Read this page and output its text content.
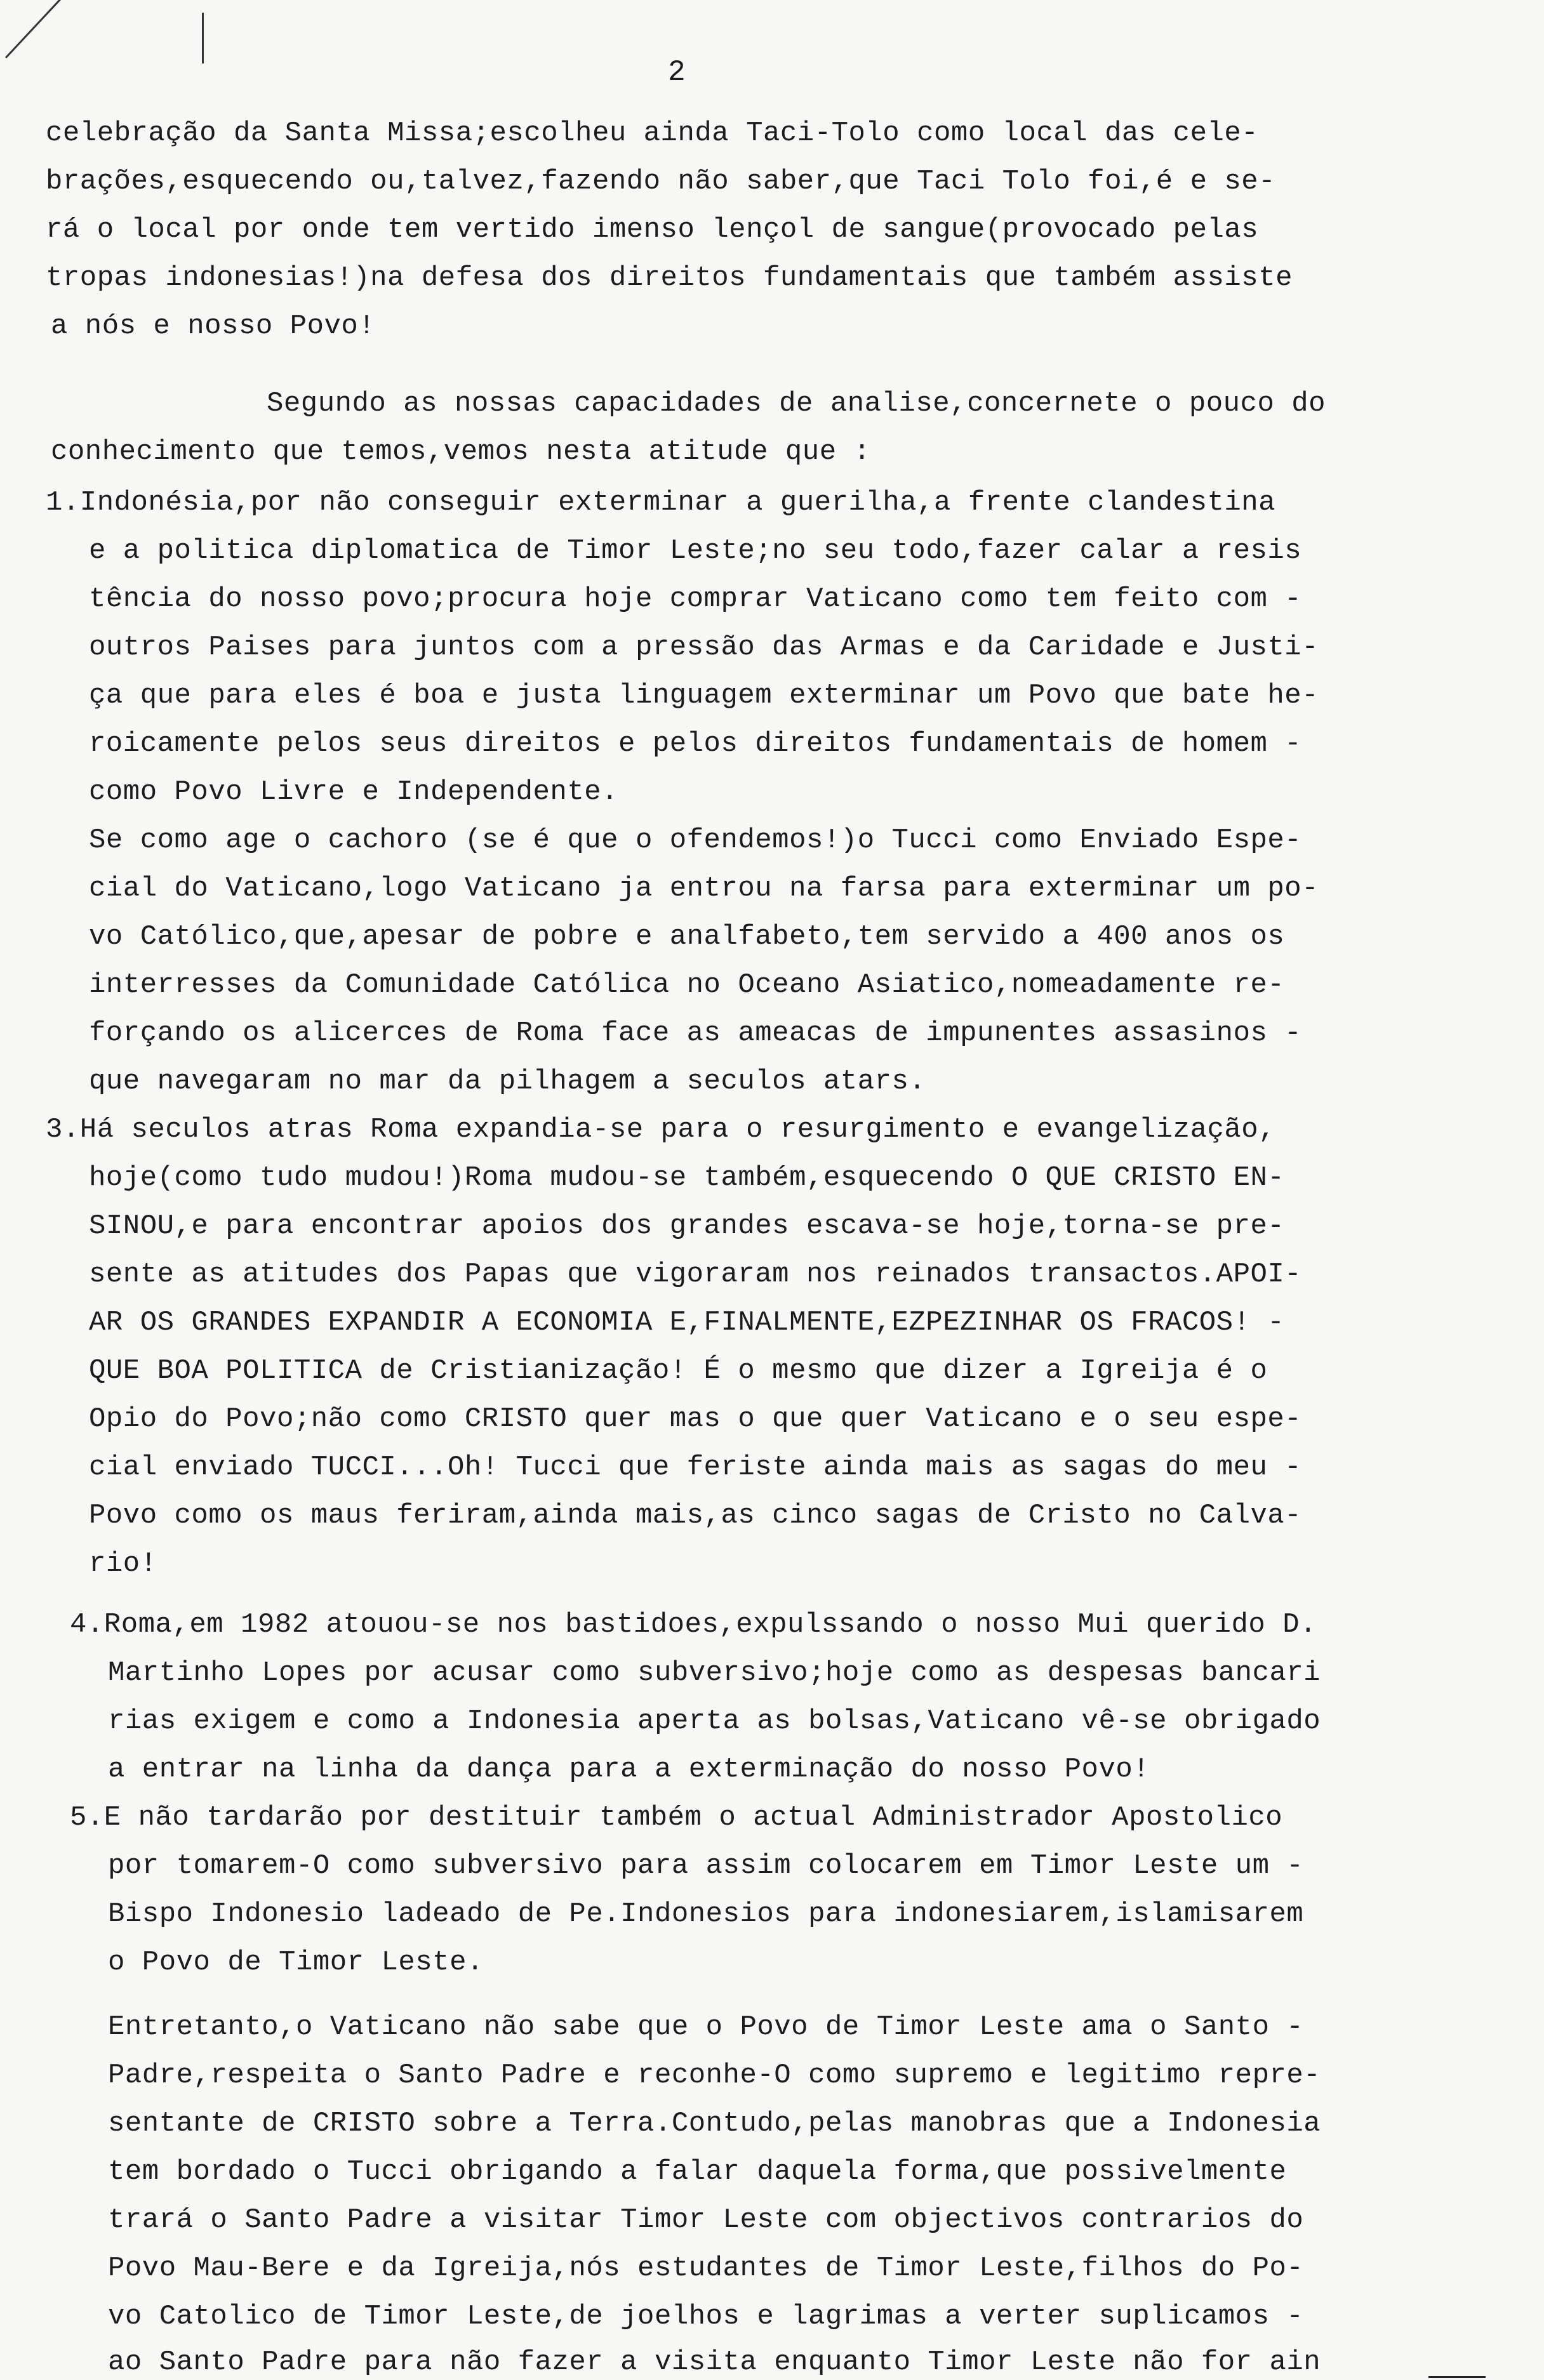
2
celebração da Santa Missa;escolheu ainda Taci-Tolo como local das cele-
brações,esquecendo ou,talvez,fazendo não saber,que Taci Tolo foi,é e se-
rá o local por onde tem vertido imenso lençol de sangue(provocado pelas
tropas indonesias!)na defesa dos direitos fundamentais que também assiste
a nós e nosso Povo!
Segundo as nossas capacidades de analise,concernete o pouco do
conhecimento que temos,vemos nesta atitude que :
1.Indonésia,por não conseguir exterminar a guerilha,a frente clandestina
e a politica diplomatica de Timor Leste;no seu todo,fazer calar a resis
tência do nosso povo;procura hoje comprar Vaticano como tem feito com -
outros Paises para juntos com a pressão das Armas e da Caridade e Justi-
ça que para eles é boa e justa linguagem exterminar um Povo que bate he-
roicamente pelos seus direitos e pelos direitos fundamentais de homem -
como Povo Livre e Independente.
Se como age o cachoro (se é que o ofendemos!)o Tucci como Enviado Espe-
cial do Vaticano,logo Vaticano ja entrou na farsa para exterminar um po-
vo Católico,que,apesar de pobre e analfabeto,tem servido a 400 anos os
interresses da Comunidade Católica no Oceano Asiatico,nomeadamente re-
forçando os alicerces de Roma face as ameacas de impunentes assasinos -
que navegaram no mar da pilhagem a seculos atars.
3.Há seculos atras Roma expandia-se para o resurgimento e evangelização,
hoje(como tudo mudou!)Roma mudou-se também,esquecendo O QUE CRISTO EN-
SINOU,e para encontrar apoios dos grandes escava-se hoje,torna-se pre-
sente as atitudes dos Papas que vigoraram nos reinados transactos.APOI-
AR OS GRANDES EXPANDIR A ECONOMIA E,FINALMENTE,EZPEZINHAR OS FRACOS! -
QUE BOA POLITICA de Cristianização! É o mesmo que dizer a Igreija é o
Opio do Povo;não como CRISTO quer mas o que quer Vaticano e o seu espe-
cial enviado TUCCI...Oh! Tucci que feriste ainda mais as sagas do meu -
Povo como os maus feriram,ainda mais,as cinco sagas de Cristo no Calva-
rio!
4.Roma,em 1982 atouou-se nos bastidoes,expulssando o nosso Mui querido D.
Martinho Lopes por acusar como subversivo;hoje como as despesas bancari
rias exigem e como a Indonesia aperta as bolsas,Vaticano vê-se obrigado
a entrar na linha da dança para a exterminação do nosso Povo!
5.E não tardarão por destituir também o actual Administrador Apostolico
por tomarem-O como subversivo para assim colocarem em Timor Leste um -
Bispo Indonesio ladeado de Pe.Indonesios para indonesiarem,islamisarem
o Povo de Timor Leste.
Entretanto,o Vaticano não sabe que o Povo de Timor Leste ama o Santo -
Padre,respeita o Santo Padre e reconhe-O como supremo e legitimo repre-
sentante de CRISTO sobre a Terra.Contudo,pelas manobras que a Indonesia
tem bordado o Tucci obrigando a falar daquela forma,que possivelmente
trará o Santo Padre a visitar Timor Leste com objectivos contrarios do
Povo Mau-Bere e da Igreija,nós estudantes de Timor Leste,filhos do Po-
vo Catolico de Timor Leste,de joelhos e lagrimas a verter suplicamos -
ao Santo Padre para não fazer a visita enquanto Timor Leste não for ain
